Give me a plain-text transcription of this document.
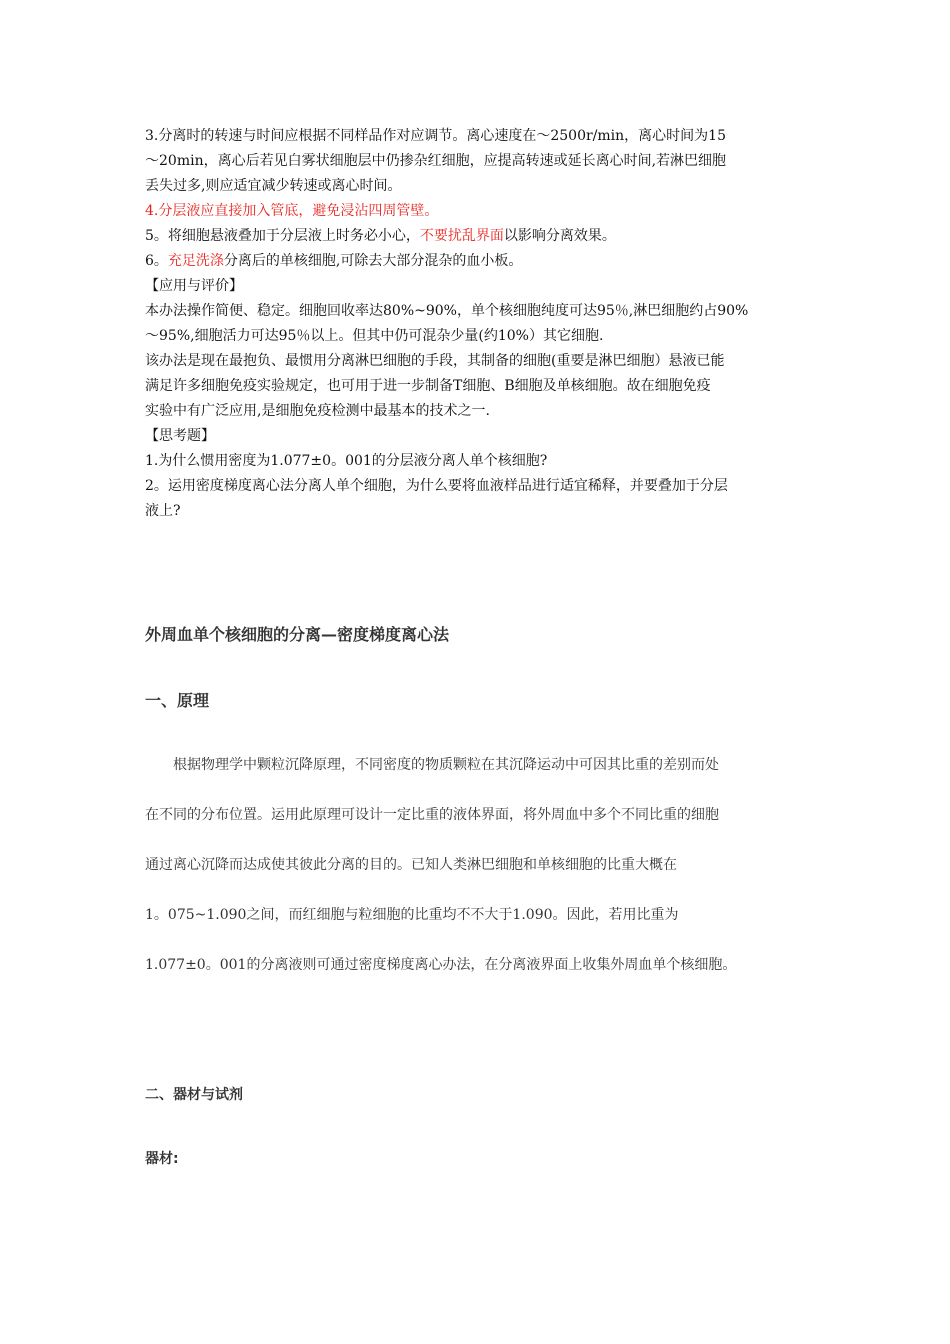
3.分离时的转速与时间应根据不同样品作对应调节。离心速度在～2500r/min，离心时间为15

～20min，离心后若见白雾状细胞层中仍掺杂红细胞，应提高转速或延长离心时间,若淋巴细胞

丢失过多,则应适宜减少转速或离心时间。

4.分层液应直接加入管底，避免浸沾四周管壁。

5。将细胞悬液叠加于分层液上时务必小心，不要扰乱界面以影响分离效果。

6。充足洗涤分离后的单核细胞,可除去大部分混杂的血小板。

【应用与评价】

本办法操作简便、稳定。细胞回收率达80%~90%，单个核细胞纯度可达95％,淋巴细胞约占90%

～95%,细胞活力可达95％以上。但其中仍可混杂少量(约10%）其它细胞.

该办法是现在最抱负、最惯用分离淋巴细胞的手段，其制备的细胞(重要是淋巴细胞）悬液已能

满足许多细胞免疫实验规定，也可用于进一步制备T细胞、B细胞及单核细胞。故在细胞免疫

实验中有广泛应用,是细胞免疫检测中最基本的技术之一.

【思考题】

1.为什么惯用密度为1.077±0。001的分层液分离人单个核细胞?

2。运用密度梯度离心法分离人单个细胞，为什么要将血液样品进行适宜稀释，并要叠加于分层

液上?

外周血单个核细胞的分离—密度梯度离心法
一、原理

　　根据物理学中颗粒沉降原理，不同密度的物质颗粒在其沉降运动中可因其比重的差别而处

在不同的分布位置。运用此原理可设计一定比重的液体界面，将外周血中多个不同比重的细胞

通过离心沉降而达成使其彼此分离的目的。已知人类淋巴细胞和单核细胞的比重大概在

1。075~1.090之间，而红细胞与粒细胞的比重均不不大于1.090。因此，若用比重为

1.077±0。001的分离液则可通过密度梯度离心办法，在分离液界面上收集外周血单个核细胞。

二、器材与试剂
器材:
